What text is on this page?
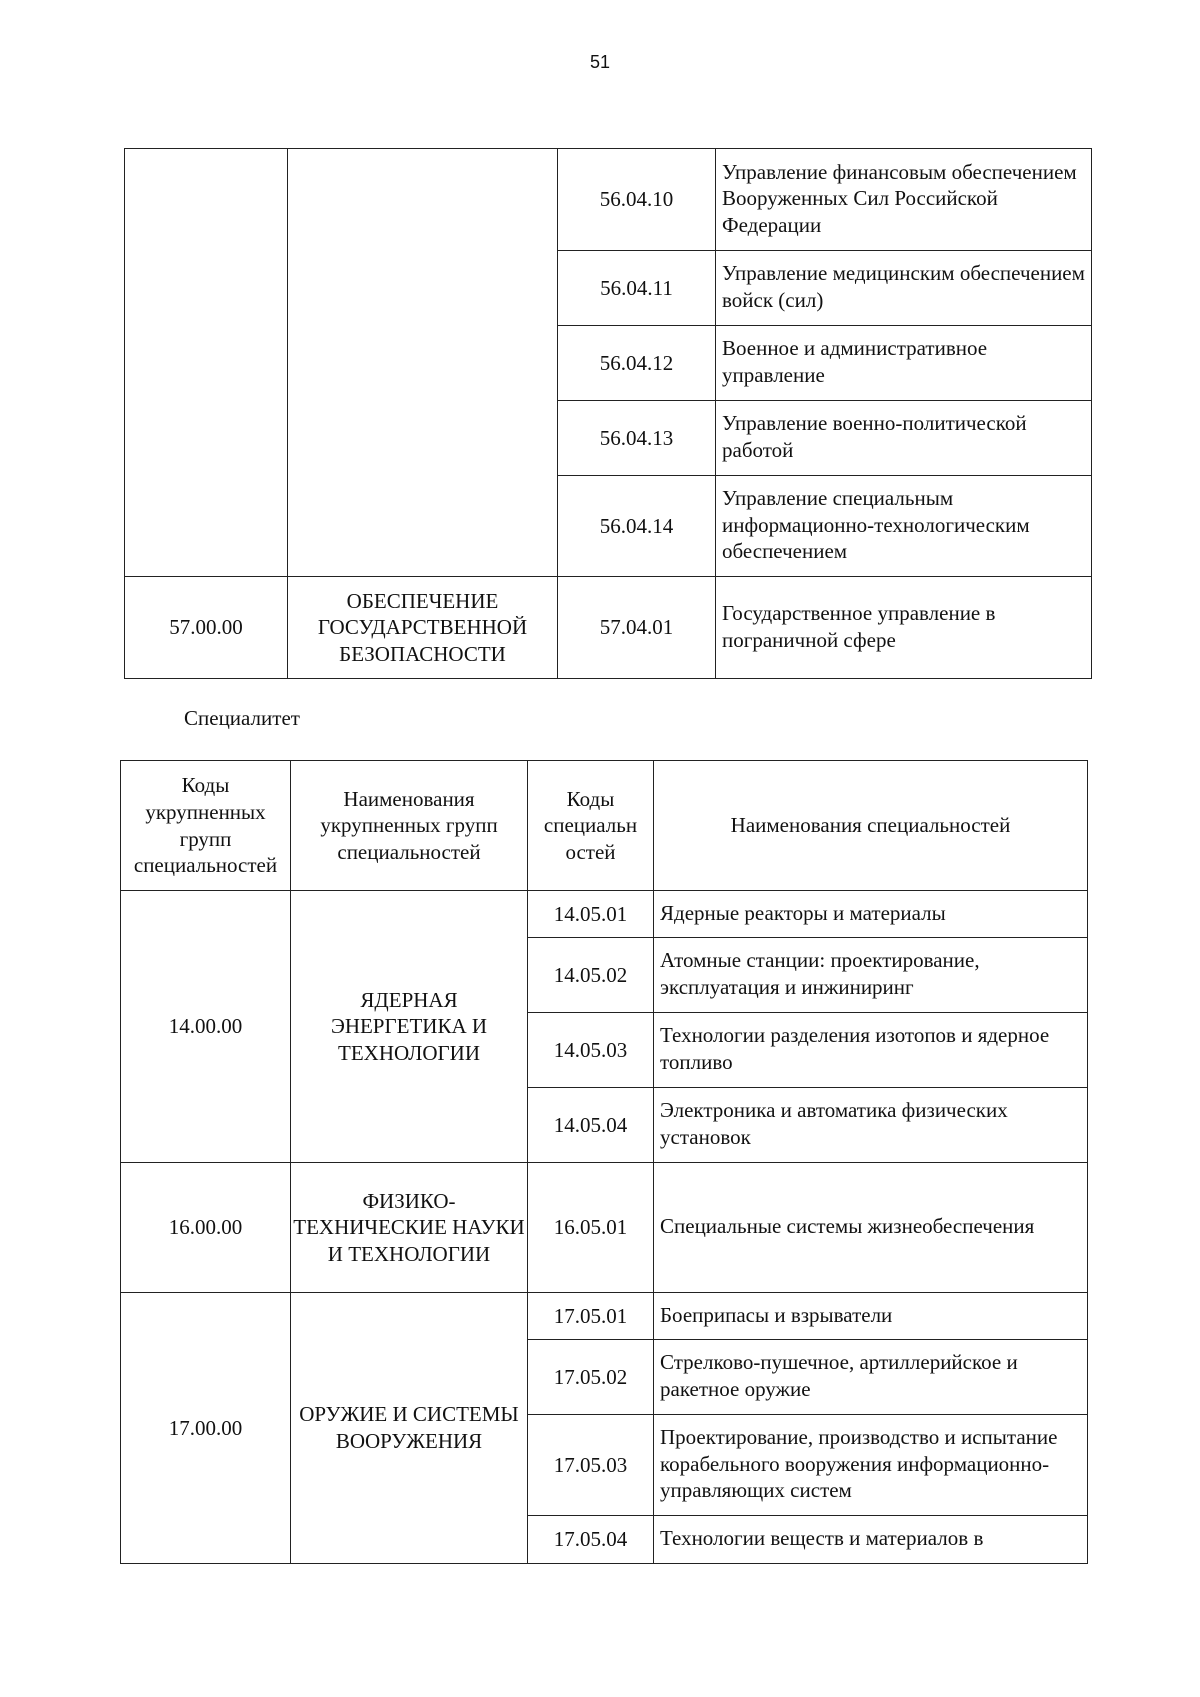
51
		56.04.10	Управление финансовым обеспечением Вооруженных Сил Российской Федерации
		56.04.11	Управление медицинским обеспечением войск (сил)
		56.04.12	Военное и административное управление
		56.04.13	Управление военно-политической работой
		56.04.14	Управление специальным информационно-технологическим обеспечением
57.00.00	ОБЕСПЕЧЕНИЕ ГОСУДАРСТВЕННОЙ БЕЗОПАСНОСТИ	57.04.01	Государственное управление в пограничной сфере
Специалитет
Коды укрупненных групп специальностей	Наименования укрупненных групп специальностей	Коды специальн остей	Наименования специальностей
14.00.00	ЯДЕРНАЯ ЭНЕРГЕТИКА И ТЕХНОЛОГИИ	14.05.01	Ядерные реакторы и материалы
		14.05.02	Атомные станции: проектирование, эксплуатация и инжиниринг
		14.05.03	Технологии разделения изотопов и ядерное топливо
		14.05.04	Электроника и автоматика физических установок
16.00.00	ФИЗИКО-ТЕХНИЧЕСКИЕ НАУКИ И ТЕХНОЛОГИИ	16.05.01	Специальные системы жизнеобеспечения
17.00.00	ОРУЖИЕ И СИСТЕМЫ ВООРУЖЕНИЯ	17.05.01	Боеприпасы и взрыватели
		17.05.02	Стрелково-пушечное, артиллерийское и ракетное оружие
		17.05.03	Проектирование, производство и испытание корабельного вооружения информационно-управляющих систем
		17.05.04	Технологии веществ и материалов в
